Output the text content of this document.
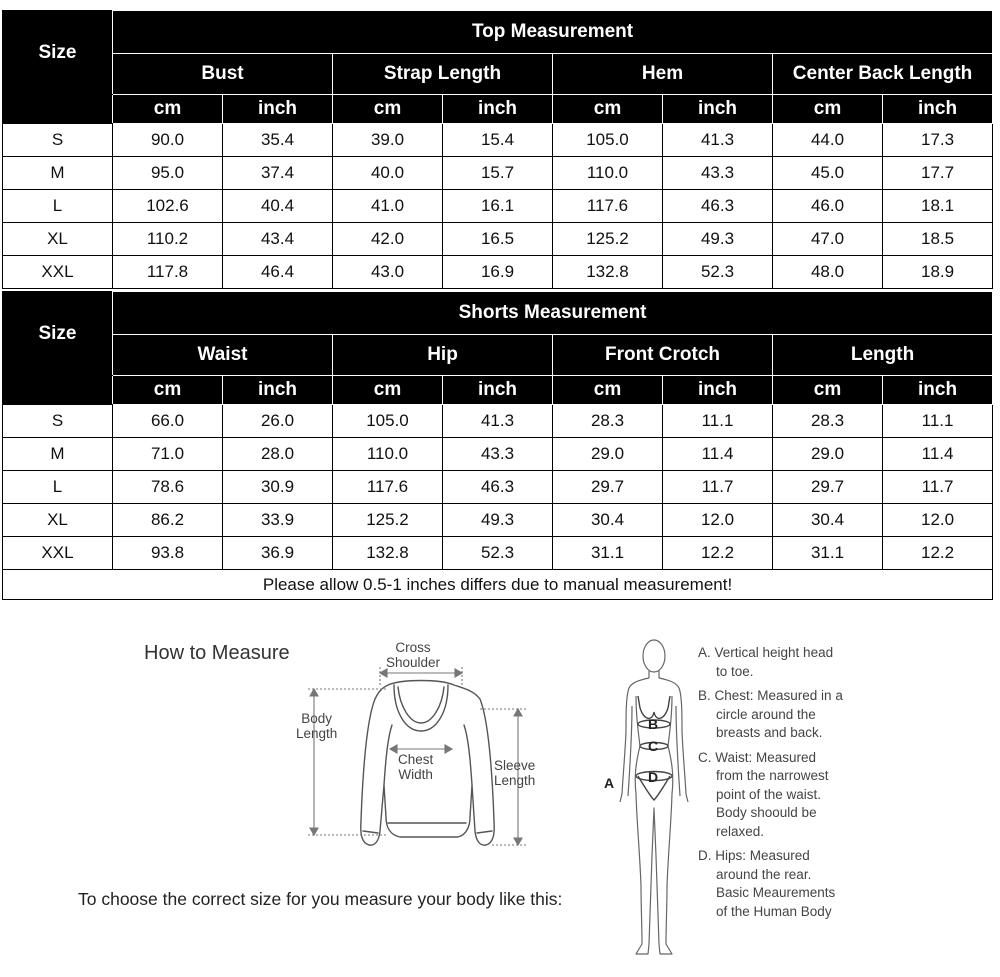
Size	Top Measurement							
	Bust		Strap Length		Hem		Center Back Length	
	cm	inch	cm	inch	cm	inch	cm	inch
S	90.0	35.4	39.0	15.4	105.0	41.3	44.0	17.3
M	95.0	37.4	40.0	15.7	110.0	43.3	45.0	17.7
L	102.6	40.4	41.0	16.1	117.6	46.3	46.0	18.1
XL	110.2	43.4	42.0	16.5	125.2	49.3	47.0	18.5
XXL	117.8	46.4	43.0	16.9	132.8	52.3	48.0	18.9
Size	Shorts Measurement							
	Waist		Hip		Front Crotch		Length	
	cm	inch	cm	inch	cm	inch	cm	inch
S	66.0	26.0	105.0	41.3	28.3	11.1	28.3	11.1
M	71.0	28.0	110.0	43.3	29.0	11.4	29.0	11.4
L	78.6	30.9	117.6	46.3	29.7	11.7	29.7	11.7
XL	86.2	33.9	125.2	49.3	30.4	12.0	30.4	12.0
XXL	93.8	36.9	132.8	52.3	31.1	12.2	31.1	12.2
Please allow 0.5-1 inches differs due to manual measurement!								
How to Measure	Cross
Shoulder
Body
Length
Chest
Width
Sleeve
Length
To choose the correct size for you measure your body like this:
A
B
C
D
A. Vertical height head
to toe.
B. Chest: Measured in a
circle around the
breasts and back.
C. Waist: Measured
from the narrowest
point of the waist.
Body shoould be
relaxed.
D. Hips: Measured
around the rear.
Basic Meaurements
of the Human Body
